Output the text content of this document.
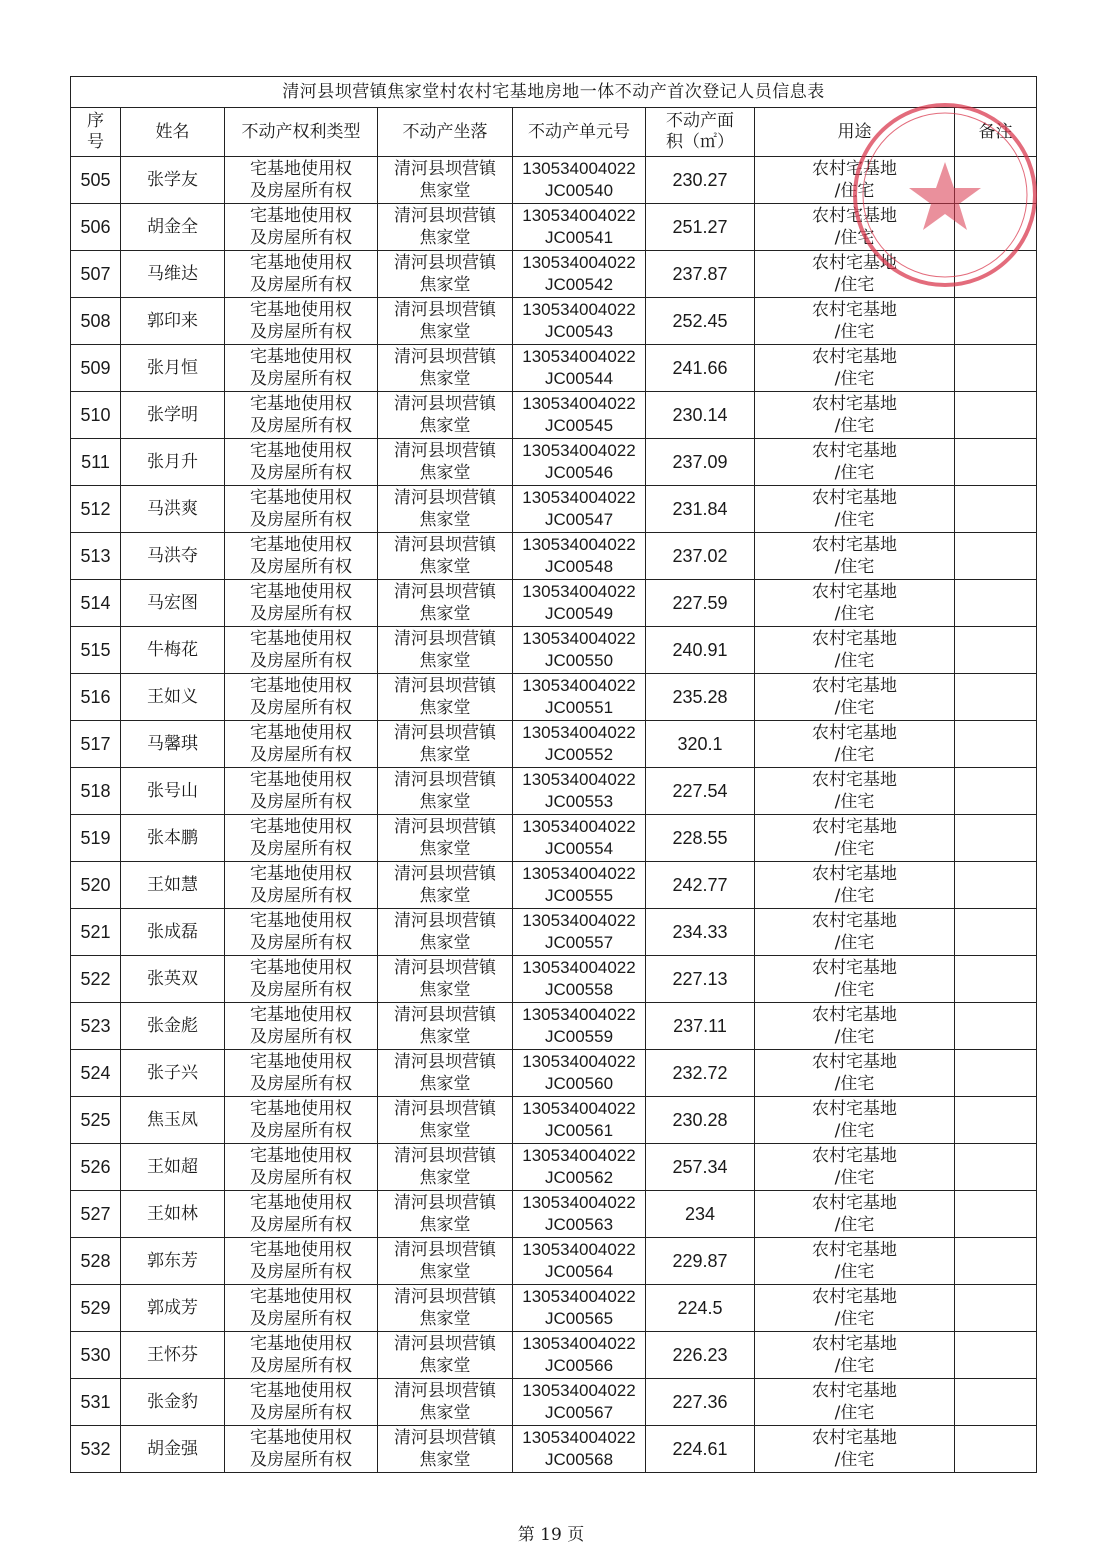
清河县坝营镇焦家堂村农村宅基地房地一体不动产首次登记人员信息表							
序
号	姓名	不动产权利类型	不动产坐落	不动产单元号	不动产面
积（㎡）	用途	备注
505	张学友	宅基地使用权
及房屋所有权	清河县坝营镇
焦家堂	130534004022
JC00540	230.27	农村宅基地
/住宅	
506	胡金全	宅基地使用权
及房屋所有权	清河县坝营镇
焦家堂	130534004022
JC00541	251.27	农村宅基地
/住宅	
507	马维达	宅基地使用权
及房屋所有权	清河县坝营镇
焦家堂	130534004022
JC00542	237.87	农村宅基地
/住宅	
508	郭印来	宅基地使用权
及房屋所有权	清河县坝营镇
焦家堂	130534004022
JC00543	252.45	农村宅基地
/住宅	
509	张月恒	宅基地使用权
及房屋所有权	清河县坝营镇
焦家堂	130534004022
JC00544	241.66	农村宅基地
/住宅	
510	张学明	宅基地使用权
及房屋所有权	清河县坝营镇
焦家堂	130534004022
JC00545	230.14	农村宅基地
/住宅	
511	张月升	宅基地使用权
及房屋所有权	清河县坝营镇
焦家堂	130534004022
JC00546	237.09	农村宅基地
/住宅	
512	马洪爽	宅基地使用权
及房屋所有权	清河县坝营镇
焦家堂	130534004022
JC00547	231.84	农村宅基地
/住宅	
513	马洪夺	宅基地使用权
及房屋所有权	清河县坝营镇
焦家堂	130534004022
JC00548	237.02	农村宅基地
/住宅	
514	马宏图	宅基地使用权
及房屋所有权	清河县坝营镇
焦家堂	130534004022
JC00549	227.59	农村宅基地
/住宅	
515	牛梅花	宅基地使用权
及房屋所有权	清河县坝营镇
焦家堂	130534004022
JC00550	240.91	农村宅基地
/住宅	
516	王如义	宅基地使用权
及房屋所有权	清河县坝营镇
焦家堂	130534004022
JC00551	235.28	农村宅基地
/住宅	
517	马馨琪	宅基地使用权
及房屋所有权	清河县坝营镇
焦家堂	130534004022
JC00552	320.1	农村宅基地
/住宅	
518	张号山	宅基地使用权
及房屋所有权	清河县坝营镇
焦家堂	130534004022
JC00553	227.54	农村宅基地
/住宅	
519	张本鹏	宅基地使用权
及房屋所有权	清河县坝营镇
焦家堂	130534004022
JC00554	228.55	农村宅基地
/住宅	
520	王如慧	宅基地使用权
及房屋所有权	清河县坝营镇
焦家堂	130534004022
JC00555	242.77	农村宅基地
/住宅	
521	张成磊	宅基地使用权
及房屋所有权	清河县坝营镇
焦家堂	130534004022
JC00557	234.33	农村宅基地
/住宅	
522	张英双	宅基地使用权
及房屋所有权	清河县坝营镇
焦家堂	130534004022
JC00558	227.13	农村宅基地
/住宅	
523	张金彪	宅基地使用权
及房屋所有权	清河县坝营镇
焦家堂	130534004022
JC00559	237.11	农村宅基地
/住宅	
524	张子兴	宅基地使用权
及房屋所有权	清河县坝营镇
焦家堂	130534004022
JC00560	232.72	农村宅基地
/住宅	
525	焦玉凤	宅基地使用权
及房屋所有权	清河县坝营镇
焦家堂	130534004022
JC00561	230.28	农村宅基地
/住宅	
526	王如超	宅基地使用权
及房屋所有权	清河县坝营镇
焦家堂	130534004022
JC00562	257.34	农村宅基地
/住宅	
527	王如林	宅基地使用权
及房屋所有权	清河县坝营镇
焦家堂	130534004022
JC00563	234	农村宅基地
/住宅	
528	郭东芳	宅基地使用权
及房屋所有权	清河县坝营镇
焦家堂	130534004022
JC00564	229.87	农村宅基地
/住宅	
529	郭成芳	宅基地使用权
及房屋所有权	清河县坝营镇
焦家堂	130534004022
JC00565	224.5	农村宅基地
/住宅	
530	王怀芬	宅基地使用权
及房屋所有权	清河县坝营镇
焦家堂	130534004022
JC00566	226.23	农村宅基地
/住宅	
531	张金豹	宅基地使用权
及房屋所有权	清河县坝营镇
焦家堂	130534004022
JC00567	227.36	农村宅基地
/住宅	
532	胡金强	宅基地使用权
及房屋所有权	清河县坝营镇
焦家堂	130534004022
JC00568	224.61	农村宅基地
/住宅	
第 19 页
